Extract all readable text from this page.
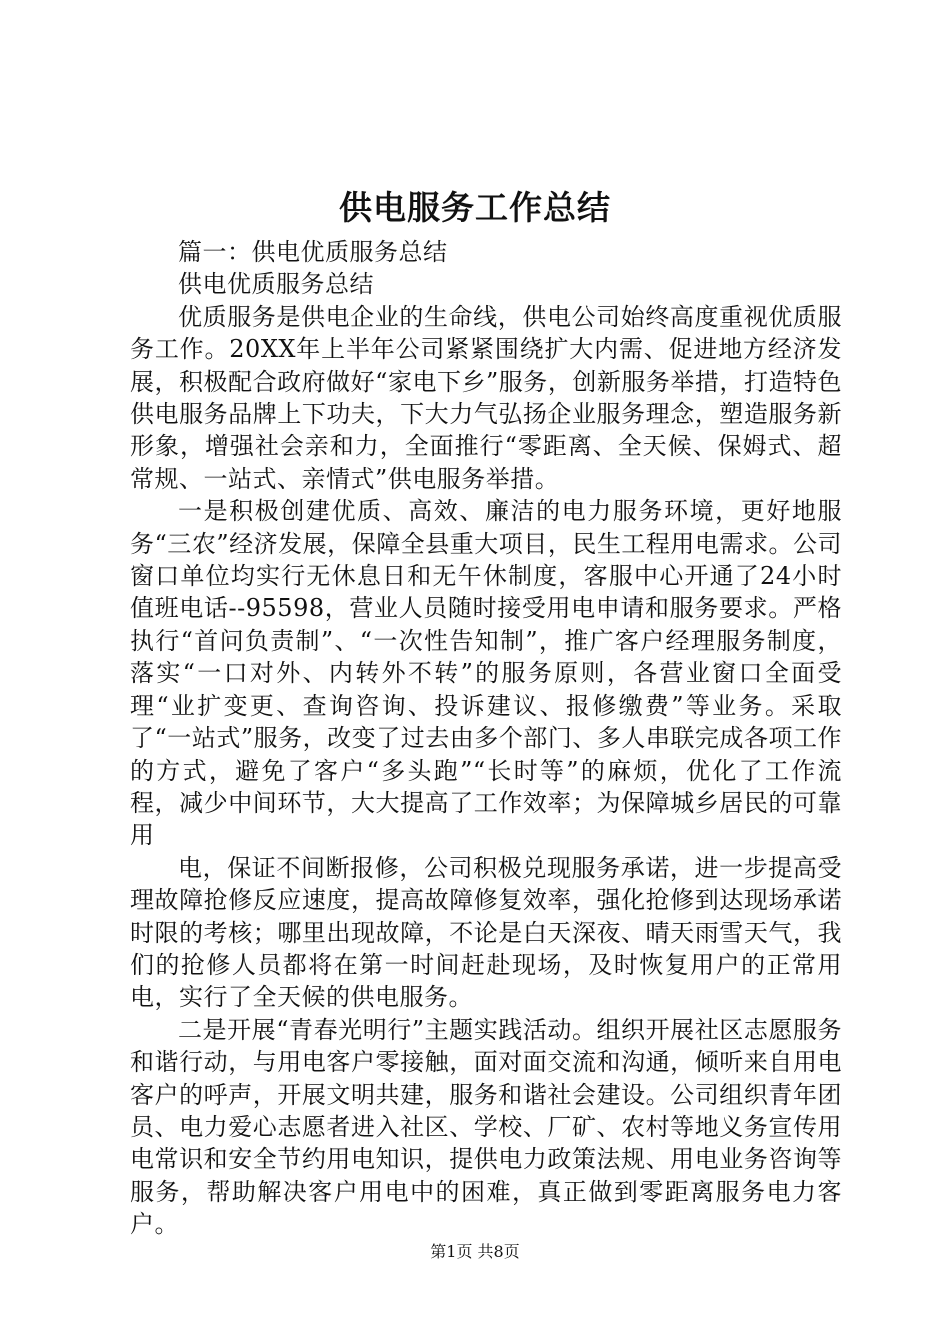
供电服务工作总结

篇一：供电优质服务总结

供电优质服务总结

优质服务是供电企业的生命线，供电公司始终高度重视优质服务工作。20XX年上半年公司紧紧围绕扩大内需、促进地方经济发展，积极配合政府做好“家电下乡”服务，创新服务举措，打造特色供电服务品牌上下功夫，下大力气弘扬企业服务理念，塑造服务新形象，增强社会亲和力，全面推行“零距离、全天候、保姆式、超常规、一站式、亲情式”供电服务举措。

一是积极创建优质、高效、廉洁的电力服务环境，更好地服务“三农”经济发展，保障全县重大项目，民生工程用电需求。公司窗口单位均实行无休息日和无午休制度，客服中心开通了24小时值班电话--95598，营业人员随时接受用电申请和服务要求。严格执行“首问负责制”、“一次性告知制”，推广客户经理服务制度，落实“一口对外、内转外不转”的服务原则，各营业窗口全面受理“业扩变更、查询咨询、投诉建议、报修缴费”等业务。采取了“一站式”服务，改变了过去由多个部门、多人串联完成各项工作的方式，避免了客户“多头跑”“长时等”的麻烦，优化了工作流程，减少中间环节，大大提高了工作效率；为保障城乡居民的可靠用

电，保证不间断报修，公司积极兑现服务承诺，进一步提高受理故障抢修反应速度，提高故障修复效率，强化抢修到达现场承诺时限的考核；哪里出现故障，不论是白天深夜、晴天雨雪天气，我们的抢修人员都将在第一时间赶赴现场，及时恢复用户的正常用电，实行了全天候的供电服务。

二是开展“青春光明行”主题实践活动。组织开展社区志愿服务和谐行动，与用电客户零接触，面对面交流和沟通，倾听来自用电客户的呼声，开展文明共建，服务和谐社会建设。公司组织青年团员、电力爱心志愿者进入社区、学校、厂矿、农村等地义务宣传用电常识和安全节约用电知识，提供电力政策法规、用电业务咨询等服务，帮助解决客户用电中的困难，真正做到零距离服务电力客户。

第1页 共8页
